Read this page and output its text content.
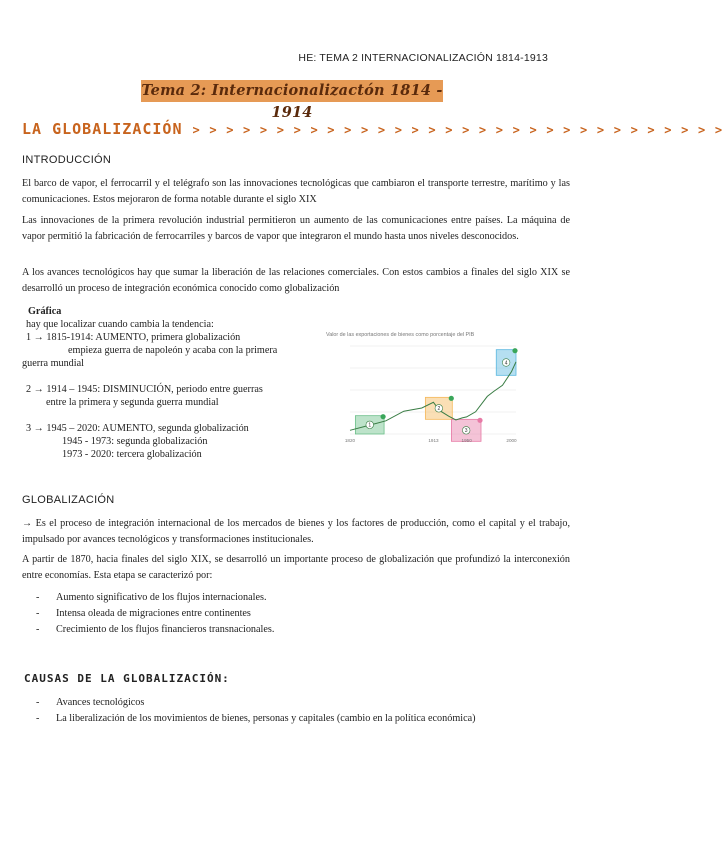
HE: TEMA 2 INTERNACIONALIZACIÓN 1814-1913
Tema 2: Internacionalizactón 1814 - 1914
LA GLOBALIZACIÓN > > > > > > > > > > > > > > > > > > > > > > > > > > > > > > > >
INTRODUCCIÓN

El barco de vapor, el ferrocarril y el telégrafo son las innovaciones tecnológicas que cambiaron el transporte terrestre, marítimo y las comunicaciones. Estos mejoraron de forma notable durante el siglo XIX

Las innovaciones de la primera revolución industrial permitieron un aumento de las comunicaciones entre países. La máquina de vapor permitió la fabricación de ferrocarriles y barcos de vapor que integraron el mundo hasta unos niveles desconocidos.

A los avances tecnológicos hay que sumar la liberación de las relaciones comerciales. Con estos cambios a finales del siglo XIX se desarrolló un proceso de integración económica conocido como globalización

Gráfica
hay que localizar cuando cambia la tendencia:
1 → 1815-1914: AUMENTO, primera globalización
empieza guerra de napoleón y acaba con la primera
guerra mundial
2 → 1914 – 1945: DISMINUCIÓN, periodo entre guerras
entre la primera y segunda guerra mundial
3 → 1945 – 2020: AUMENTO, segunda globalización
1945 - 1973: segunda globalización
1973 - 2020: tercera globalización
Valor de las exportaciones de bienes como porcentaje del PIB
1
2
3
4
1820	1913	1950	2000
GLOBALIZACIÓN

→ Es el proceso de integración internacional de los mercados de bienes y los factores de producción, como el capital y el trabajo, impulsado por avances tecnológicos y transformaciones institucionales.

A partir de 1870, hacia finales del siglo XIX, se desarrolló un importante proceso de globalización que profundizó la interconexión entre economías. Esta etapa se caracterizó por:

- Aumento significativo de los flujos internacionales.
- Intensa oleada de migraciones entre continentes
- Crecimiento de los flujos financieros transnacionales.
CAUSAS DE LA GLOBALIZACIÓN:
- Avances tecnológicos
- La liberalización de los movimientos de bienes, personas y capitales (cambio en la política económica)
